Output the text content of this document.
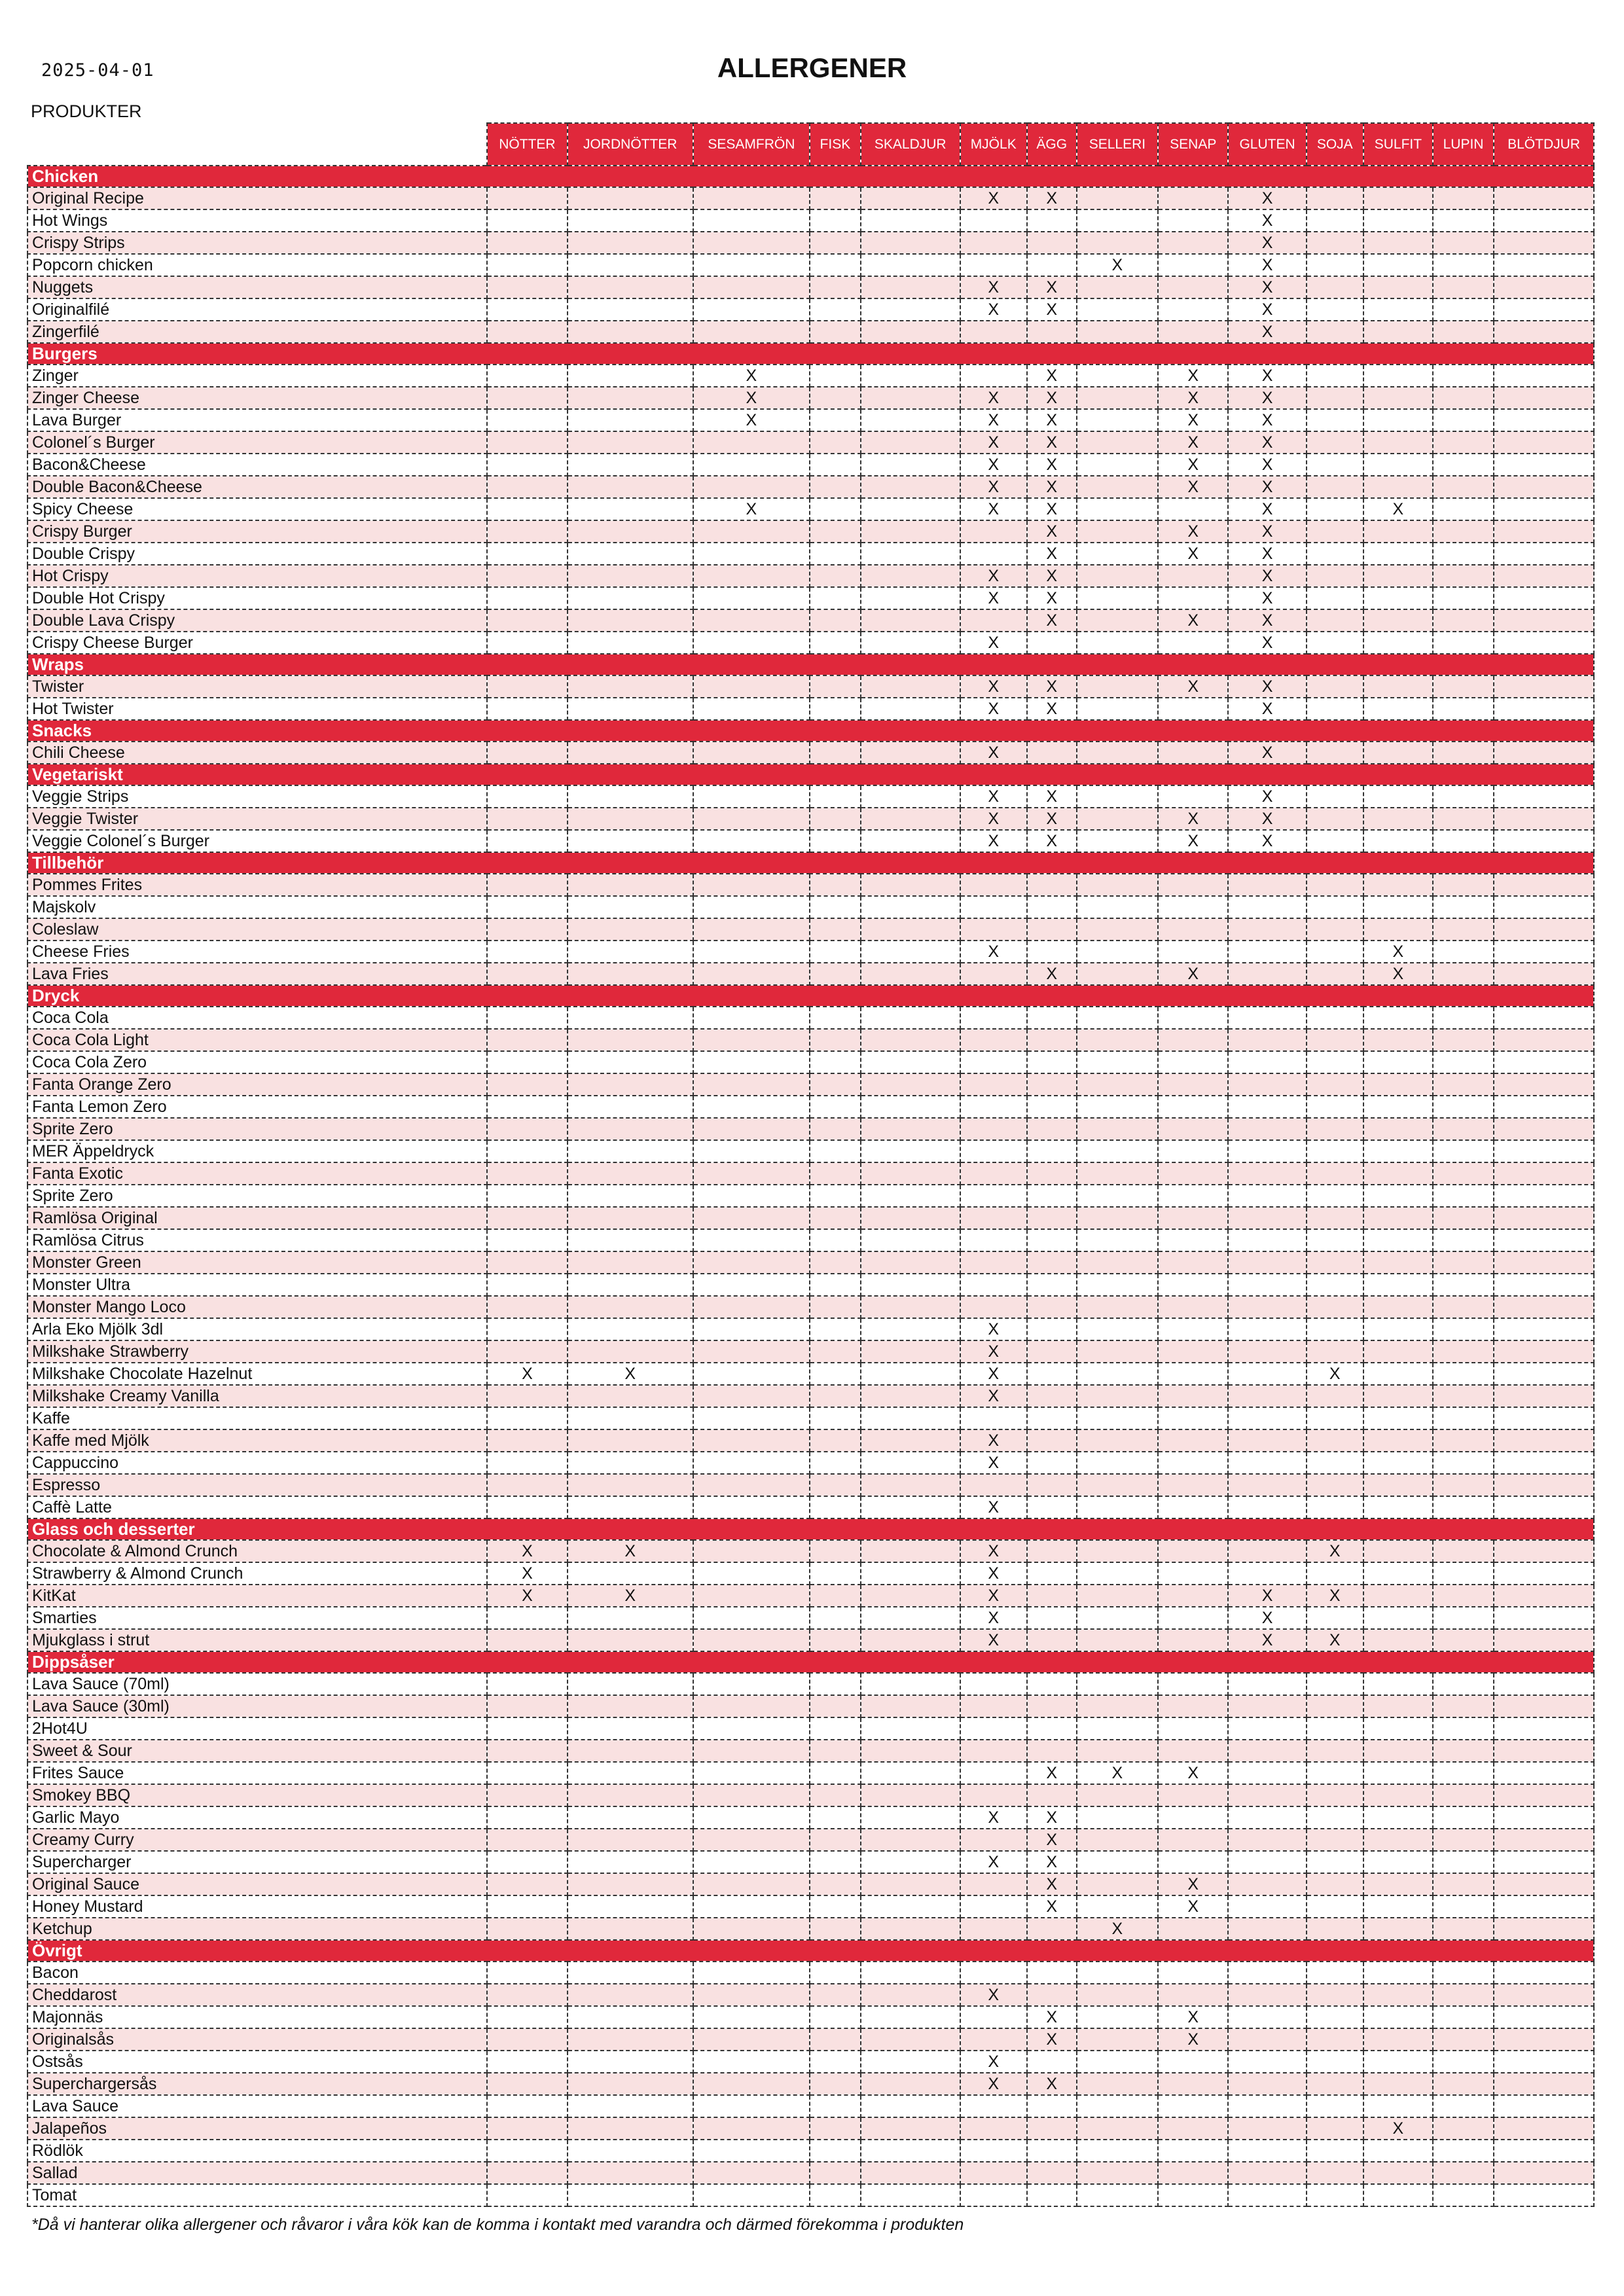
2025-04-01	ALLERGENER
PRODUKTER
	NÖTTER	JORDNÖTTER	SESAMFRÖN	FISK	SKALDJUR	MJÖLK	ÄGG	SELLERI	SENAP	GLUTEN	SOJA	SULFIT	LUPIN	BLÖTDJUR
Chicken														
Original Recipe						X	X			X				
Hot Wings										X				
Crispy Strips										X				
Popcorn chicken								X		X				
Nuggets						X	X			X				
Originalfilé						X	X			X				
Zingerfilé										X				
Burgers														
Zinger			X				X		X	X				
Zinger Cheese			X			X	X		X	X				
Lava Burger			X			X	X		X	X				
Colonel´s Burger						X	X		X	X				
Bacon&Cheese						X	X		X	X				
Double Bacon&Cheese						X	X		X	X				
Spicy Cheese			X			X	X			X		X		
Crispy Burger							X		X	X				
Double Crispy							X		X	X				
Hot Crispy						X	X			X				
Double Hot Crispy						X	X			X				
Double Lava Crispy							X		X	X				
Crispy Cheese Burger						X				X				
Wraps														
Twister						X	X		X	X				
Hot Twister						X	X			X				
Snacks														
Chili Cheese						X				X				
Vegetariskt														
Veggie Strips						X	X			X				
Veggie Twister						X	X		X	X				
Veggie Colonel´s Burger						X	X		X	X				
Tillbehör														
Pommes Frites														
Majskolv														
Coleslaw														
Cheese Fries						X						X		
Lava Fries							X		X			X		
Dryck														
Coca Cola														
Coca Cola Light														
Coca Cola Zero														
Fanta Orange Zero														
Fanta Lemon Zero														
Sprite Zero														
MER Äppeldryck														
Fanta Exotic														
Sprite Zero														
Ramlösa Original														
Ramlösa Citrus														
Monster Green														
Monster Ultra														
Monster Mango Loco														
Arla Eko Mjölk 3dl						X								
Milkshake Strawberry						X								
Milkshake Chocolate Hazelnut	X	X				X					X			
Milkshake Creamy Vanilla						X								
Kaffe														
Kaffe med Mjölk						X								
Cappuccino						X								
Espresso														
Caffè Latte						X								
Glass och desserter														
Chocolate & Almond Crunch	X	X				X					X			
Strawberry & Almond Crunch	X					X								
KitKat	X	X				X				X	X			
Smarties						X				X				
Mjukglass i strut						X				X	X			
Dippsåser														
Lava Sauce (70ml)														
Lava Sauce (30ml)														
2Hot4U														
Sweet & Sour														
Frites Sauce							X	X	X					
Smokey BBQ														
Garlic Mayo						X	X							
Creamy Curry							X							
Supercharger						X	X							
Original Sauce							X		X					
Honey Mustard							X		X					
Ketchup								X						
Övrigt														
Bacon														
Cheddarost						X								
Majonnäs							X		X					
Originalsås							X		X					
Ostsås						X								
Superchargersås						X	X							
Lava Sauce														
Jalapeños												X		
Rödlök														
Sallad														
Tomat														
*Då vi hanterar olika allergener och råvaror i våra kök kan de komma i kontakt med varandra och därmed förekomma i produkten
